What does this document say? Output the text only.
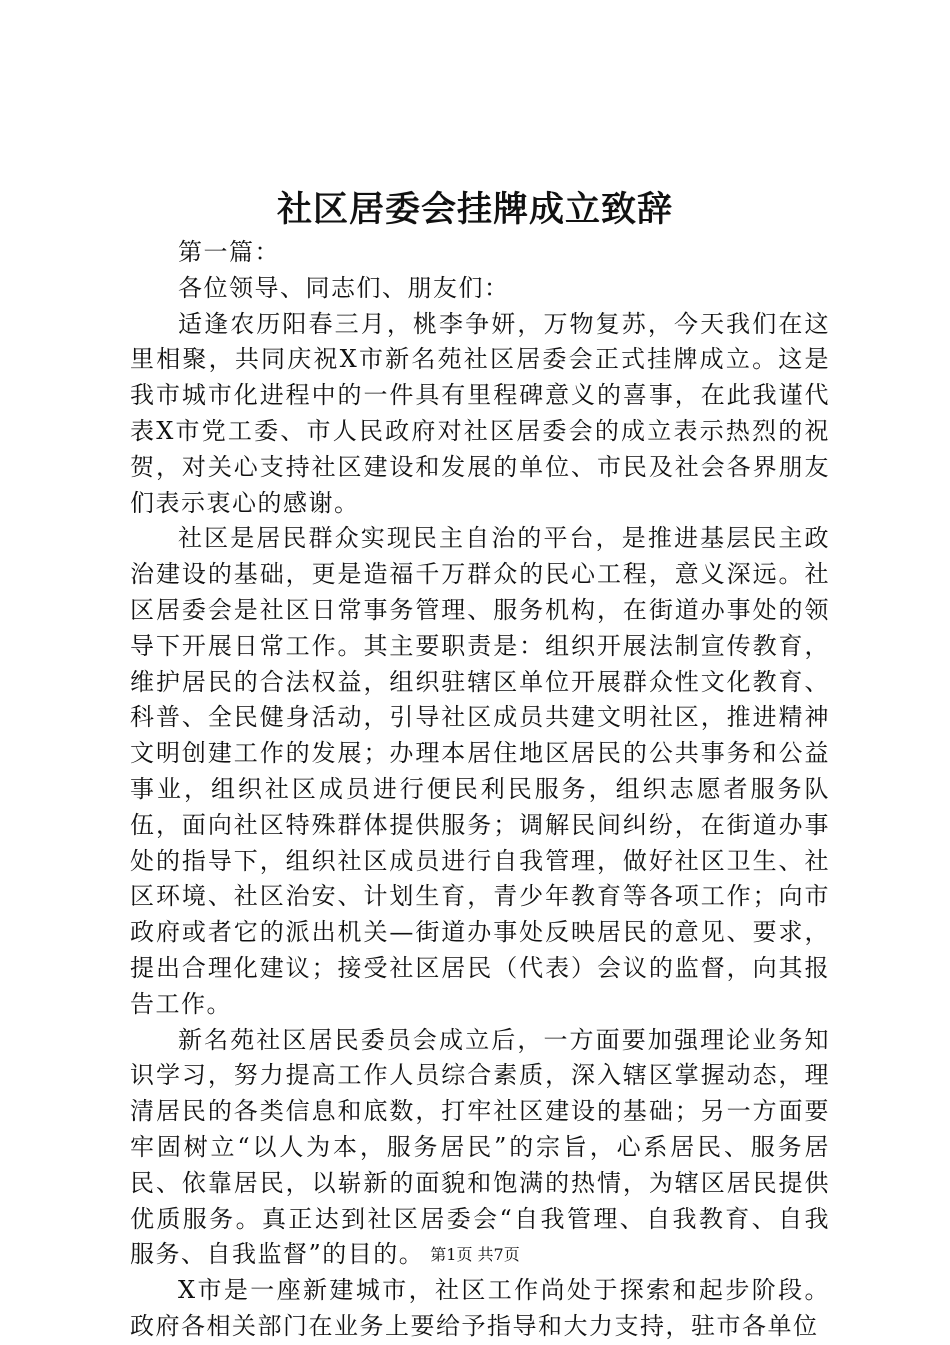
社区居委会挂牌成立致辞

第一篇：

各位领导、同志们、朋友们：

适逢农历阳春三月，桃李争妍，万物复苏，今天我们在这里相聚，共同庆祝X市新名苑社区居委会正式挂牌成立。这是我市城市化进程中的一件具有里程碑意义的喜事，在此我谨代表X市党工委、市人民政府对社区居委会的成立表示热烈的祝贺，对关心支持社区建设和发展的单位、市民及社会各界朋友们表示衷心的感谢。

社区是居民群众实现民主自治的平台，是推进基层民主政治建设的基础，更是造福千万群众的民心工程，意义深远。社区居委会是社区日常事务管理、服务机构，在街道办事处的领导下开展日常工作。其主要职责是：组织开展法制宣传教育，维护居民的合法权益，组织驻辖区单位开展群众性文化教育、科普、全民健身活动，引导社区成员共建文明社区，推进精神文明创建工作的发展；办理本居住地区居民的公共事务和公益事业，组织社区成员进行便民利民服务，组织志愿者服务队伍，面向社区特殊群体提供服务；调解民间纠纷，在街道办事处的指导下，组织社区成员进行自我管理，做好社区卫生、社区环境、社区治安、计划生育，青少年教育等各项工作；向市政府或者它的派出机关—街道办事处反映居民的意见、要求，提出合理化建议；接受社区居民（代表）会议的监督，向其报告工作。

新名苑社区居民委员会成立后，一方面要加强理论业务知识学习，努力提高工作人员综合素质，深入辖区掌握动态，理清居民的各类信息和底数，打牢社区建设的基础；另一方面要牢固树立“以人为本，服务居民”的宗旨，心系居民、服务居民、依靠居民，以崭新的面貌和饱满的热情，为辖区居民提供优质服务。真正达到社区居委会“自我管理、自我教育、自我服务、自我监督”的目的。

X市是一座新建城市，社区工作尚处于探索和起步阶段。政府各相关部门在业务上要给予指导和大力支持，驻市各单位

第1页 共7页
